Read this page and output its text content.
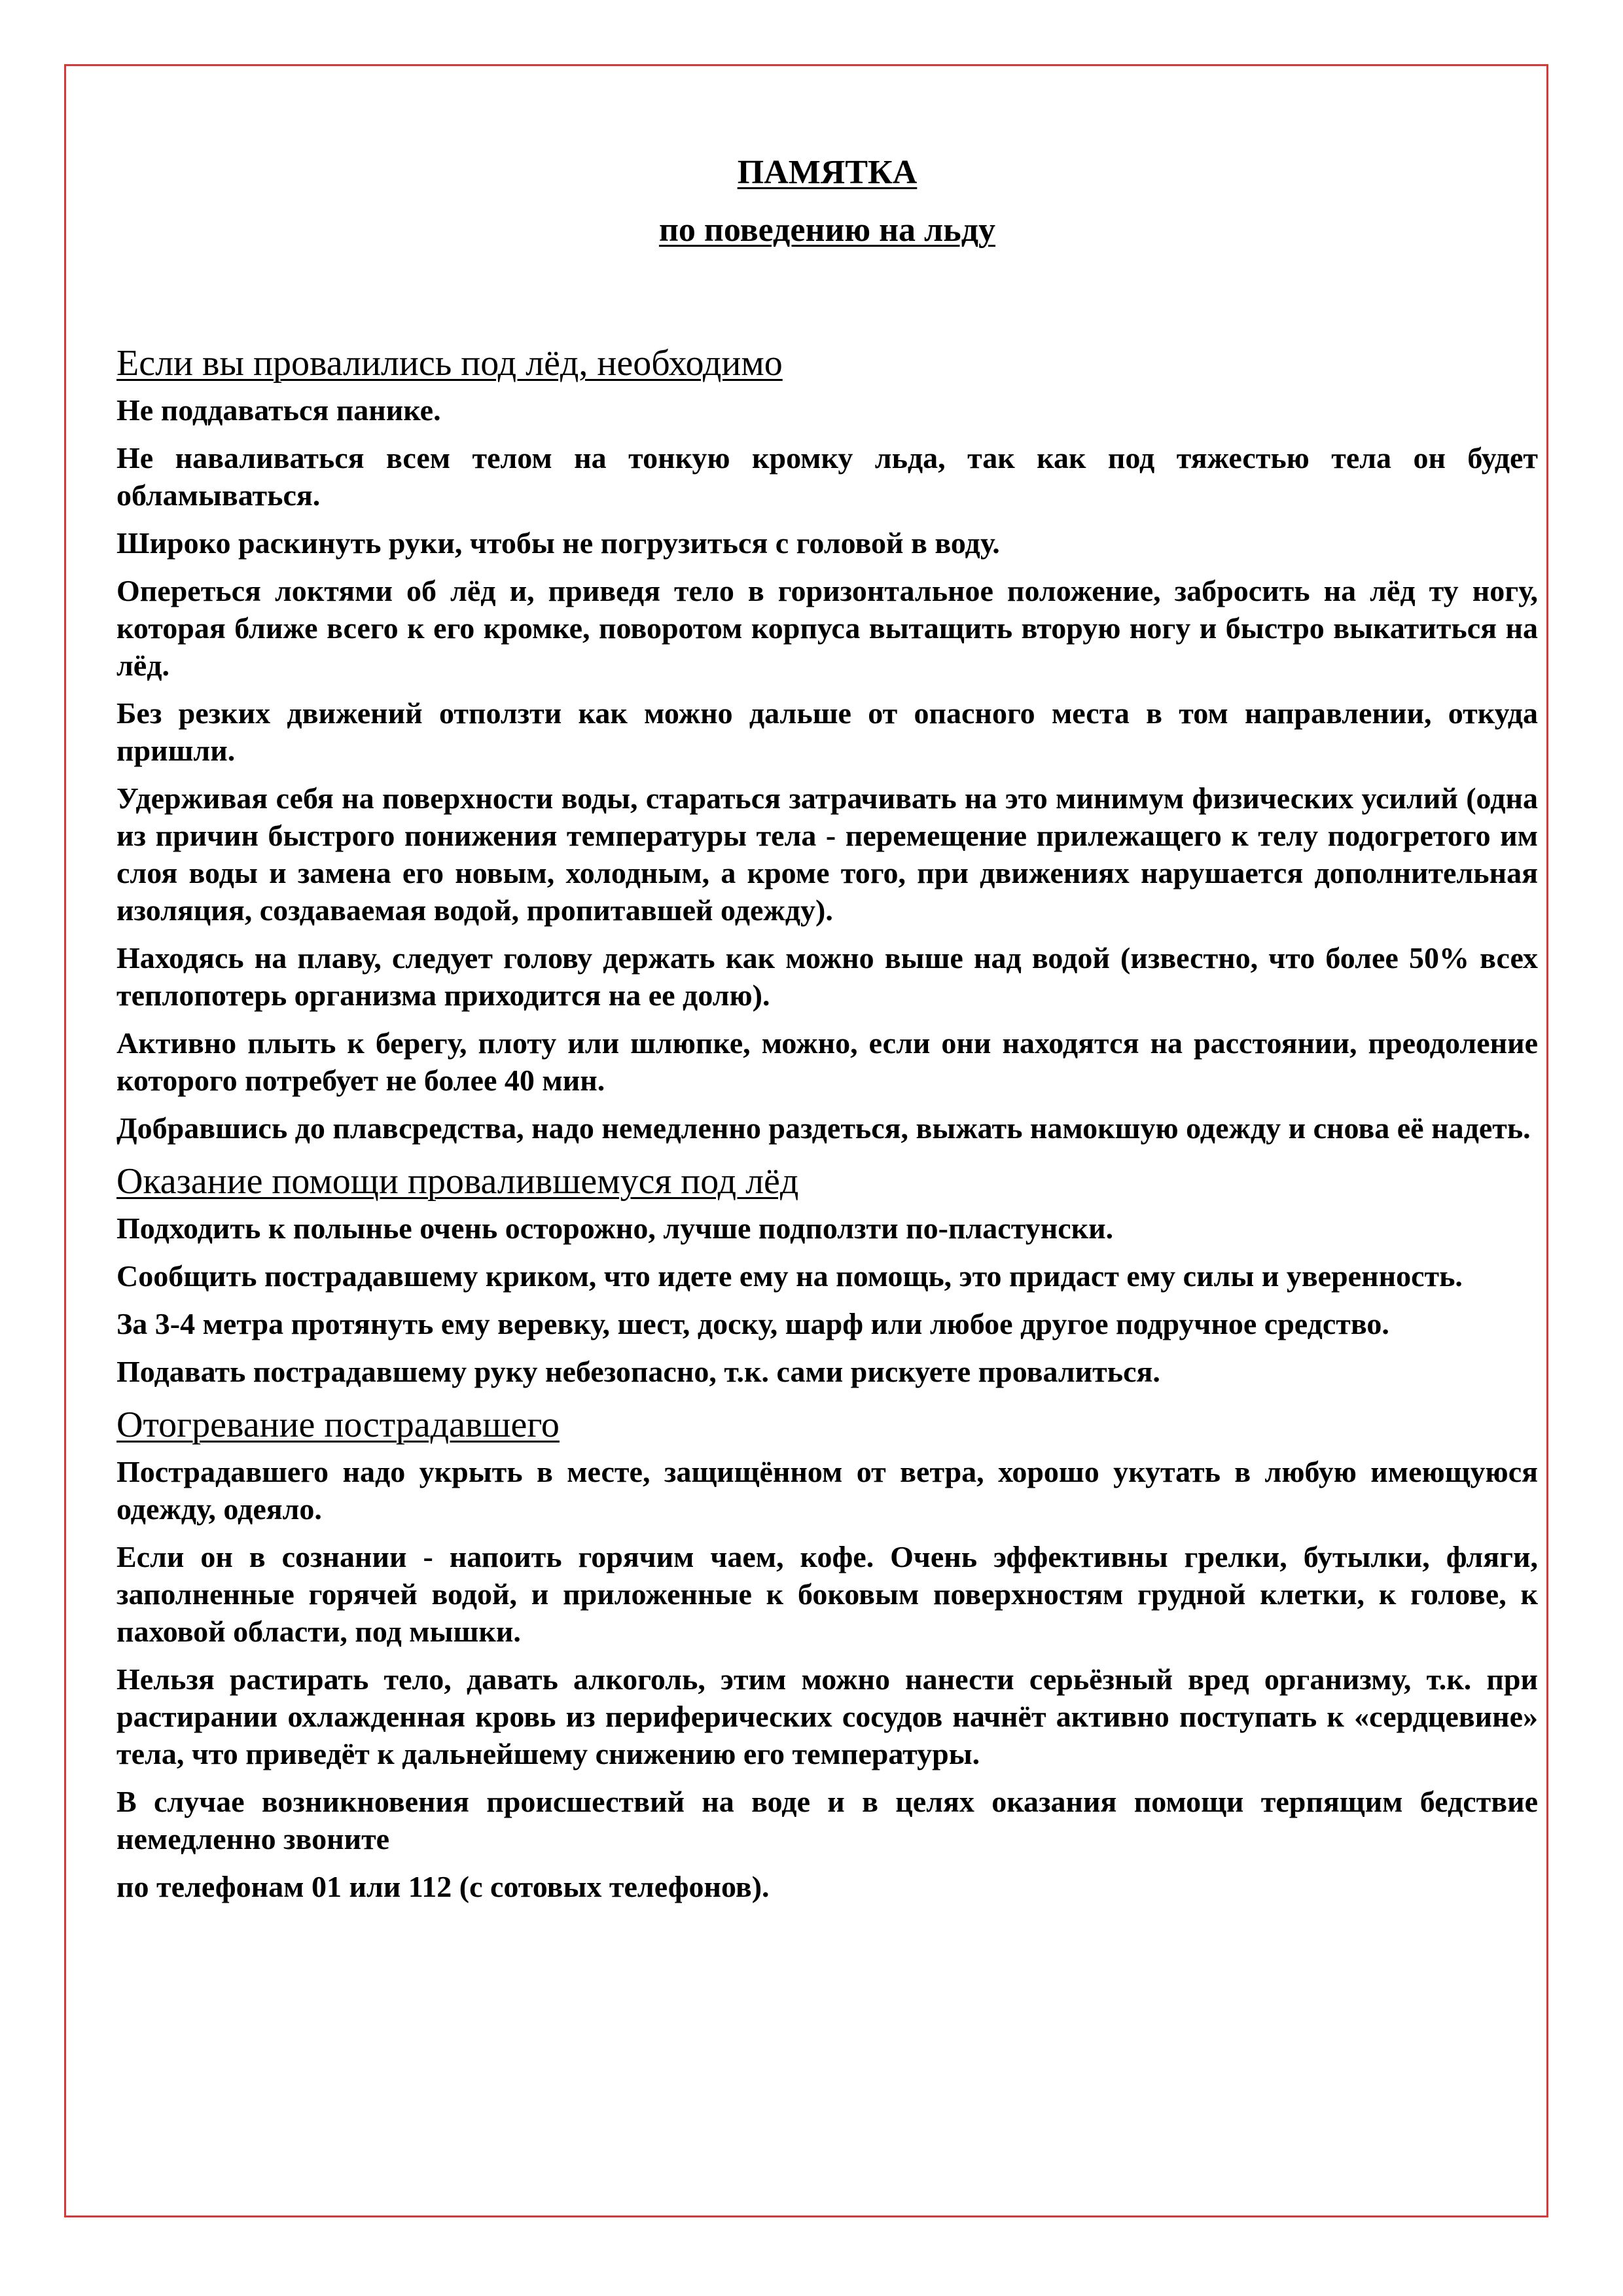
ПАМЯТКА
по поведению на льду
Если вы провалились под лёд, необходимо

Не поддаваться панике.

Не наваливаться всем телом на тонкую кромку льда, так как под тяжестью тела он будет обламываться.

Широко раскинуть руки, чтобы не погрузиться с головой в воду.

Опереться локтями об лёд и, приведя тело в горизонтальное положение, забросить на лёд ту ногу, которая ближе всего к его кромке, поворотом корпуса вытащить вторую ногу и быстро выкатиться на лёд.

Без резких движений отползти как можно дальше от опасного места в том направлении, откуда пришли.

Удерживая себя на поверхности воды, стараться затрачивать на это минимум физических усилий (одна из причин быстрого понижения температуры тела - перемещение прилежащего к телу подогретого им слоя воды и замена его новым, холодным, а кроме того, при движениях нарушается дополнительная изоляция, создаваемая водой, пропитавшей одежду).

Находясь на плаву, следует голову держать как можно выше над водой (известно, что более 50% всех теплопотерь организма приходится на ее долю).

Активно плыть к берегу, плоту или шлюпке, можно, если они находятся на расстоянии, преодоление которого потребует не более 40 мин.

Добравшись до плавсредства, надо немедленно раздеться, выжать намокшую одежду и снова её надеть.

Оказание помощи провалившемуся под лёд

Подходить к полынье очень осторожно, лучше подползти по-пластунски.

Сообщить пострадавшему криком, что идете ему на помощь, это придаст ему силы и уверенность.

За 3-4 метра протянуть ему веревку, шест, доску, шарф или любое другое подручное средство.

Подавать пострадавшему руку небезопасно, т.к. сами рискуете провалиться.

Отогревание пострадавшего

Пострадавшего надо укрыть в месте, защищённом от ветра, хорошо укутать в любую имеющуюся одежду, одеяло.

Если он в сознании - напоить горячим чаем, кофе. Очень эффективны грелки, бутылки, фляги, заполненные горячей водой, и приложенные к боковым поверхностям грудной клетки, к голове, к паховой области, под мышки.

Нельзя растирать тело, давать алкоголь, этим можно нанести серьёзный вред организму, т.к. при растирании охлажденная кровь из периферических сосудов начнёт активно поступать к «сердцевине» тела, что приведёт к дальнейшему снижению его температуры.

В случае возникновения происшествий на воде и в целях оказания помощи терпящим бедствие немедленно звоните

по телефонам 01 или 112 (с сотовых телефонов).
